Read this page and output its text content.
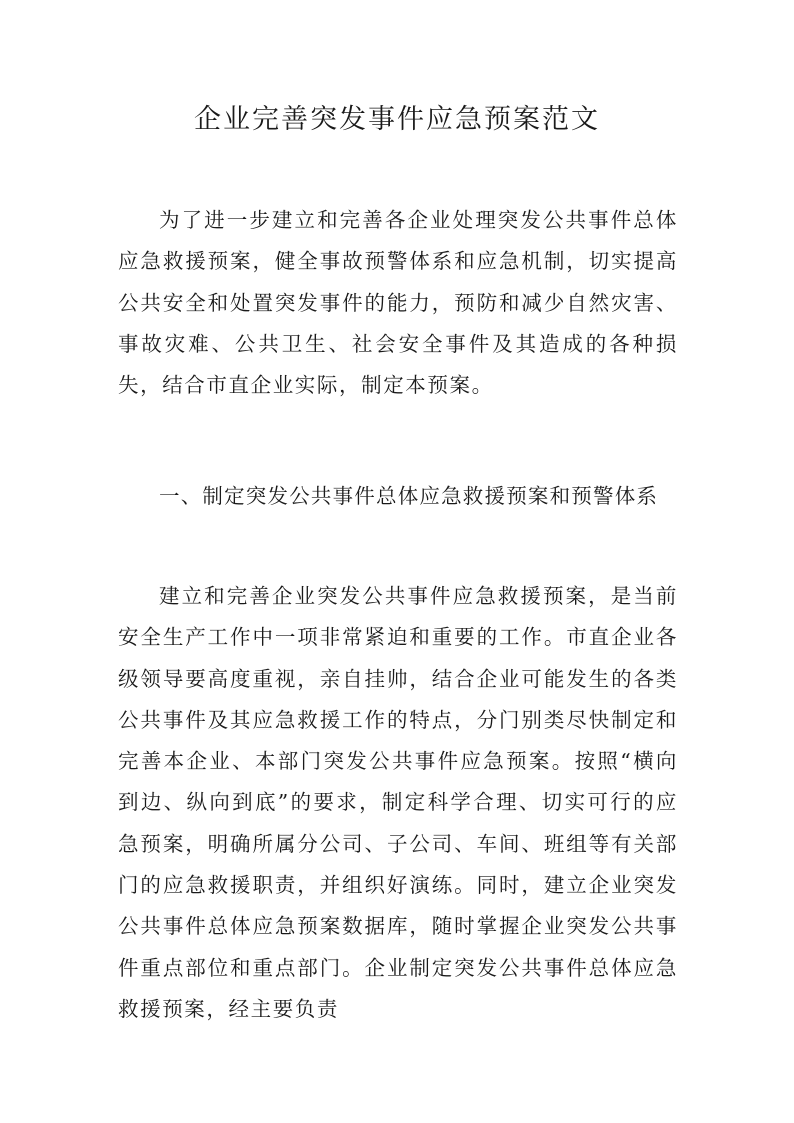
企业完善突发事件应急预案范文

为了进一步建立和完善各企业处理突发公共事件总体应急救援预案，健全事故预警体系和应急机制，切实提高公共安全和处置突发事件的能力，预防和减少自然灾害、事故灾难、公共卫生、社会安全事件及其造成的各种损失，结合市直企业实际，制定本预案。

一、制定突发公共事件总体应急救援预案和预警体系

建立和完善企业突发公共事件应急救援预案，是当前安全生产工作中一项非常紧迫和重要的工作。市直企业各级领导要高度重视，亲自挂帅，结合企业可能发生的各类公共事件及其应急救援工作的特点，分门别类尽快制定和完善本企业、本部门突发公共事件应急预案。按照“横向到边、纵向到底”的要求，制定科学合理、切实可行的应急预案，明确所属分公司、子公司、车间、班组等有关部门的应急救援职责，并组织好演练。同时，建立企业突发公共事件总体应急预案数据库，随时掌握企业突发公共事件重点部位和重点部门。企业制定突发公共事件总体应急救援预案，经主要负责
